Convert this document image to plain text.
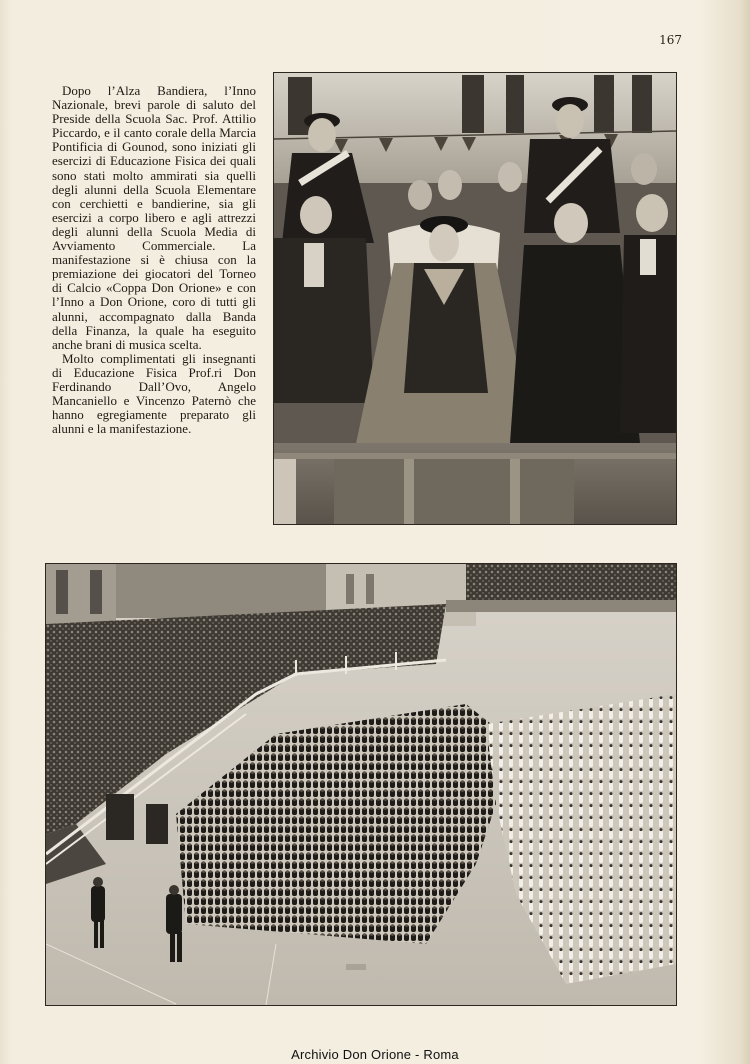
167

Dopo l’Alza Bandiera, l’Inno Nazionale, brevi parole di saluto del Preside della Scuola Sac. Prof. Attilio Piccardo, e il canto corale della Marcia Pontificia di Gounod, sono iniziati gli esercizi di Educazione Fisica dei quali sono stati molto ammirati sia quelli degli alunni della Scuola Elementare con cerchietti e bandierine, sia gli esercizi a corpo libero e agli attrezzi degli alunni della Scuola Media di Avviamento Commerciale. La manifestazione si è chiusa con la premiazione dei giocatori del Torneo di Calcio «Coppa Don Orione» e con l’Inno a Don Orione, coro di tutti gli alunni, accompagnato dalla Banda della Finanza, la quale ha eseguito anche brani di musica scelta.

Molto complimentati gli insegnanti di Educazione Fisica Prof.ri Don Ferdinando Dall’Ovo, Angelo Mancaniello e Vincenzo Paternò che hanno egregiamente preparato gli alunni e la manifestazione.

Archivio Don Orione - Roma
